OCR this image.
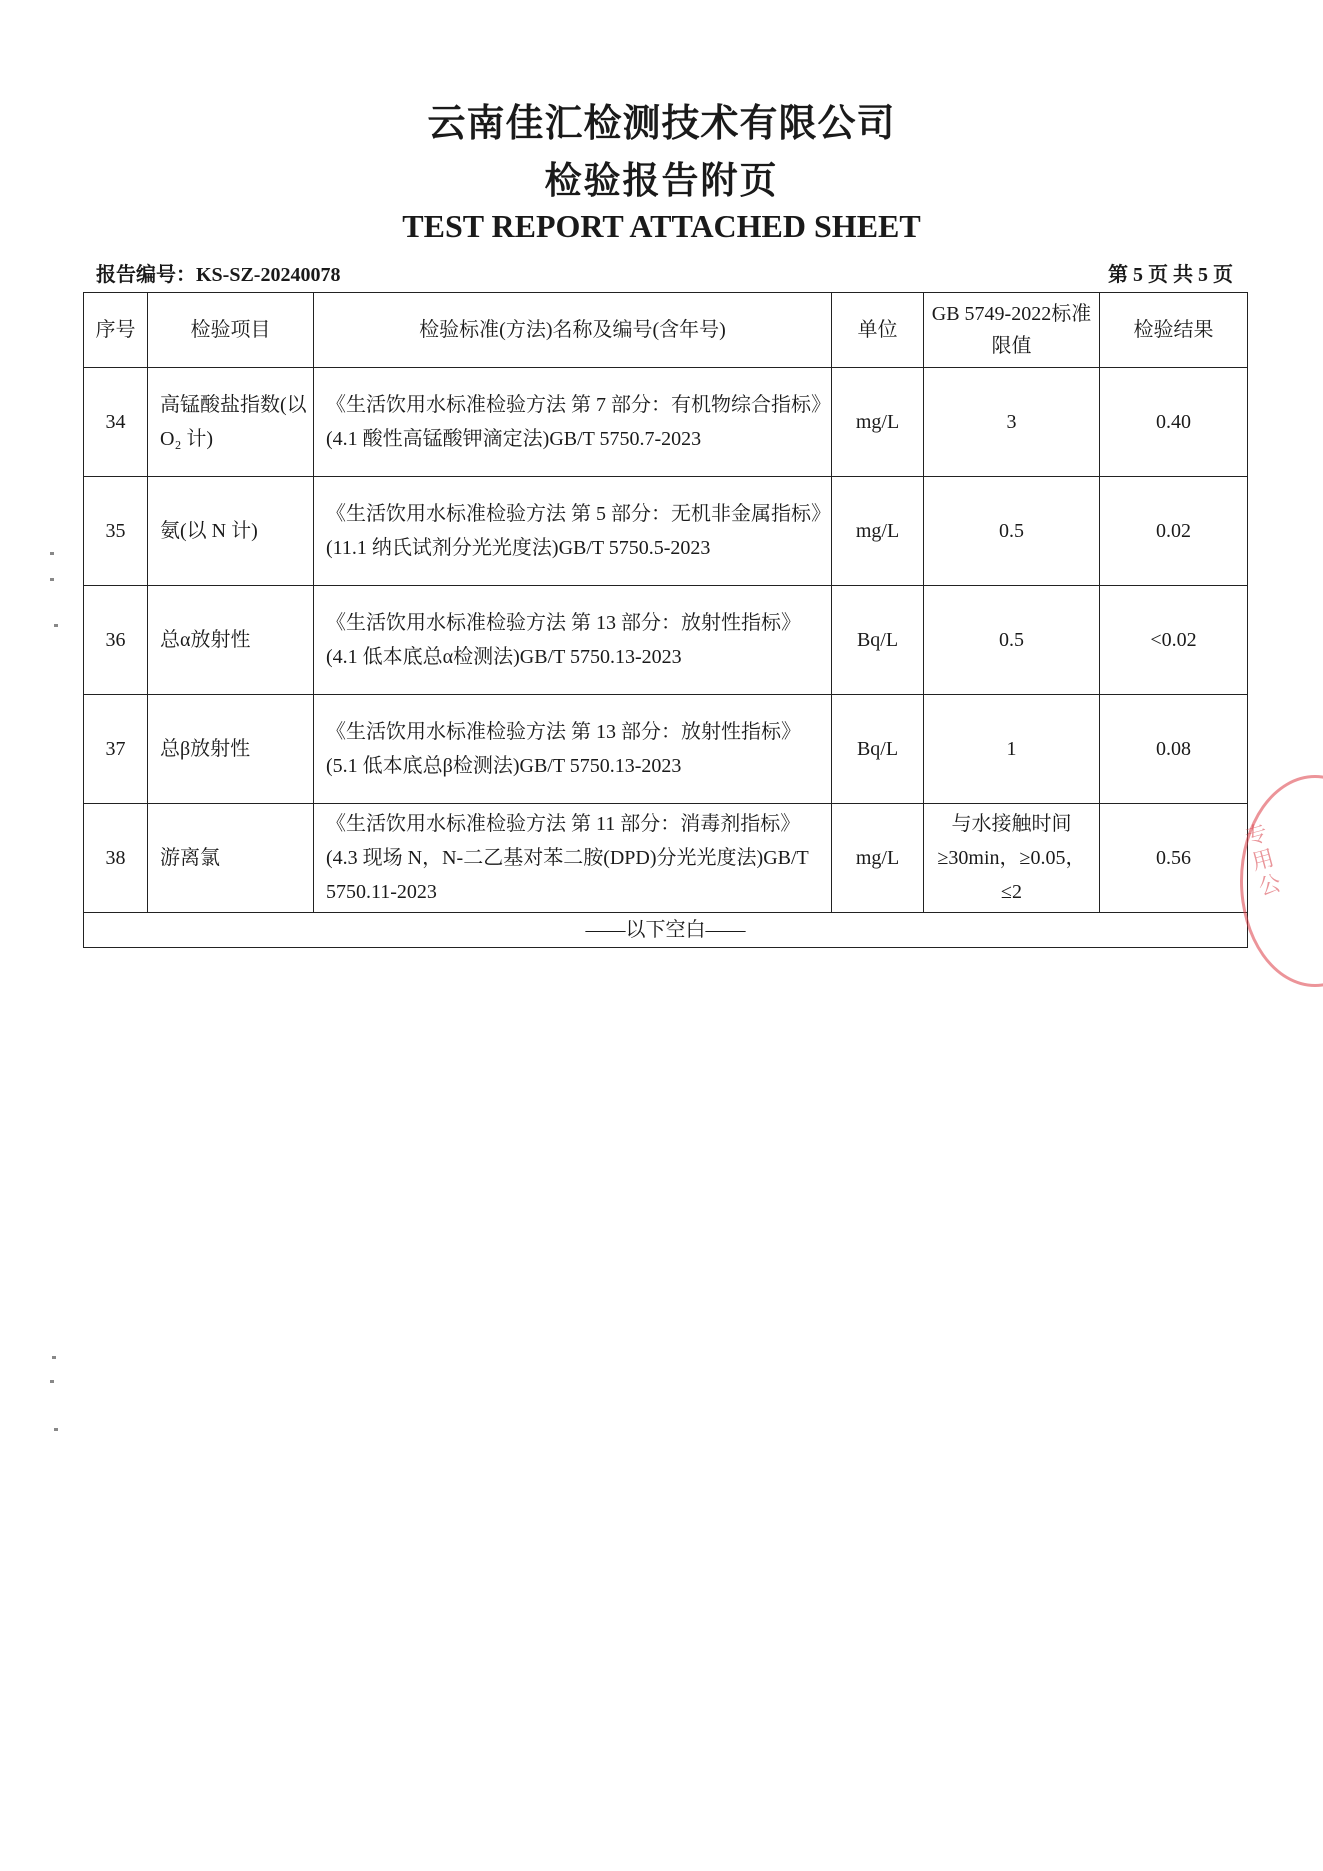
云南佳汇检测技术有限公司
检验报告附页
TEST REPORT ATTACHED SHEET
报告编号：KS-SZ-20240078	第 5 页 共 5 页
序号	检验项目	检验标准(方法)名称及编号(含年号)	单位	GB 5749-2022标准限值	检验结果
34	高锰酸盐指数(以 O₂ 计)	《生活饮用水标准检验方法 第 7 部分：有机物综合指标》(4.1 酸性高锰酸钾滴定法)GB/T 5750.7-2023	mg/L	3	0.40
35	氨(以 N 计)	《生活饮用水标准检验方法 第 5 部分：无机非金属指标》(11.1 纳氏试剂分光光度法)GB/T 5750.5-2023	mg/L	0.5	0.02
36	总α放射性	《生活饮用水标准检验方法 第 13 部分：放射性指标》(4.1 低本底总α检测法)GB/T 5750.13-2023	Bq/L	0.5	<0.02
37	总β放射性	《生活饮用水标准检验方法 第 13 部分：放射性指标》(5.1 低本底总β检测法)GB/T 5750.13-2023	Bq/L	1	0.08
38	游离氯	《生活饮用水标准检验方法 第 11 部分：消毒剂指标》(4.3 现场 N，N-二乙基对苯二胺(DPD)分光光度法)GB/T 5750.11-2023	mg/L	与水接触时间≥30min，≥0.05，≤2	0.56
——以下空白——					
专用公
